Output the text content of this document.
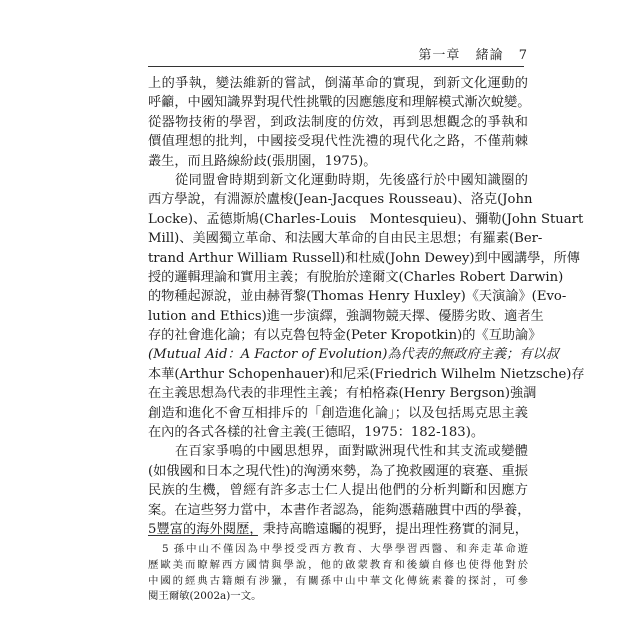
第一章 緒論 7
上的爭執，變法維新的嘗試，倒滿革命的實現，到新文化運動的
呼籲，中國知識界對現代性挑戰的因應態度和理解模式漸次蛻變。
從器物技術的學習，到政法制度的仿效，再到思想觀念的爭執和
價值理想的批判，中國接受現代性洗禮的現代化之路，不僅荊棘
叢生，而且路線紛歧(張朋園，1975)。
從同盟會時期到新文化運動時期，先後盛行於中國知識圈的
西方學說，有淵源於盧梭(Jean-Jacques Rousseau)、洛克(John
Locke)、孟德斯鳩(Charles-Louis　Montesquieu)、彌勒(John Stuart
Mill)、美國獨立革命、和法國大革命的自由民主思想；有羅素(Ber-
trand Arthur William Russell)和杜威(John Dewey)到中國講學，所傳
授的邏輯理論和實用主義；有脫胎於達爾文(Charles Robert Darwin)
的物種起源說，並由赫胥黎(Thomas Henry Huxley)《天演論》(Evo-
lution and Ethics)進一步演繹，強調物競天擇、優勝劣敗、適者生
存的社會進化論；有以克魯包特金(Peter Kropotkin)的《互助論》
(Mutual Aid：A Factor of Evolution)為代表的無政府主義；有以叔
本華(Arthur Schopenhauer)和尼采(Friedrich Wilhelm Nietzsche)存
在主義思想為代表的非理性主義；有柏格森(Henry Bergson)強調
創造和進化不會互相排斥的「創造進化論」；以及包括馬克思主義
在內的各式各樣的社會主義(王德昭，1975：182-183)。
在百家爭鳴的中國思想界，面對歐洲現代性和其支流或變體
(如俄國和日本之現代性)的洶湧來勢，為了挽救國運的衰蹇、重振
民族的生機，曾經有許多志士仁人提出他們的分析判斷和因應方
案。在這些努力當中，本書作者認為，能夠憑藉融貫中西的學養，
5豐富的海外閱歷，秉持高瞻遠矚的視野，提出理性務實的洞見，
5 孫中山不僅因為中學授受西方教育、大學學習西醫、和奔走革命遊
歷歐美而瞭解西方國情與學說，他的啟蒙教育和後續自修也使得他對於
中國的經典古籍頗有涉獵，有關孫中山中華文化傳統素養的探討，可參
閱王爾敏(2002a)一文。
